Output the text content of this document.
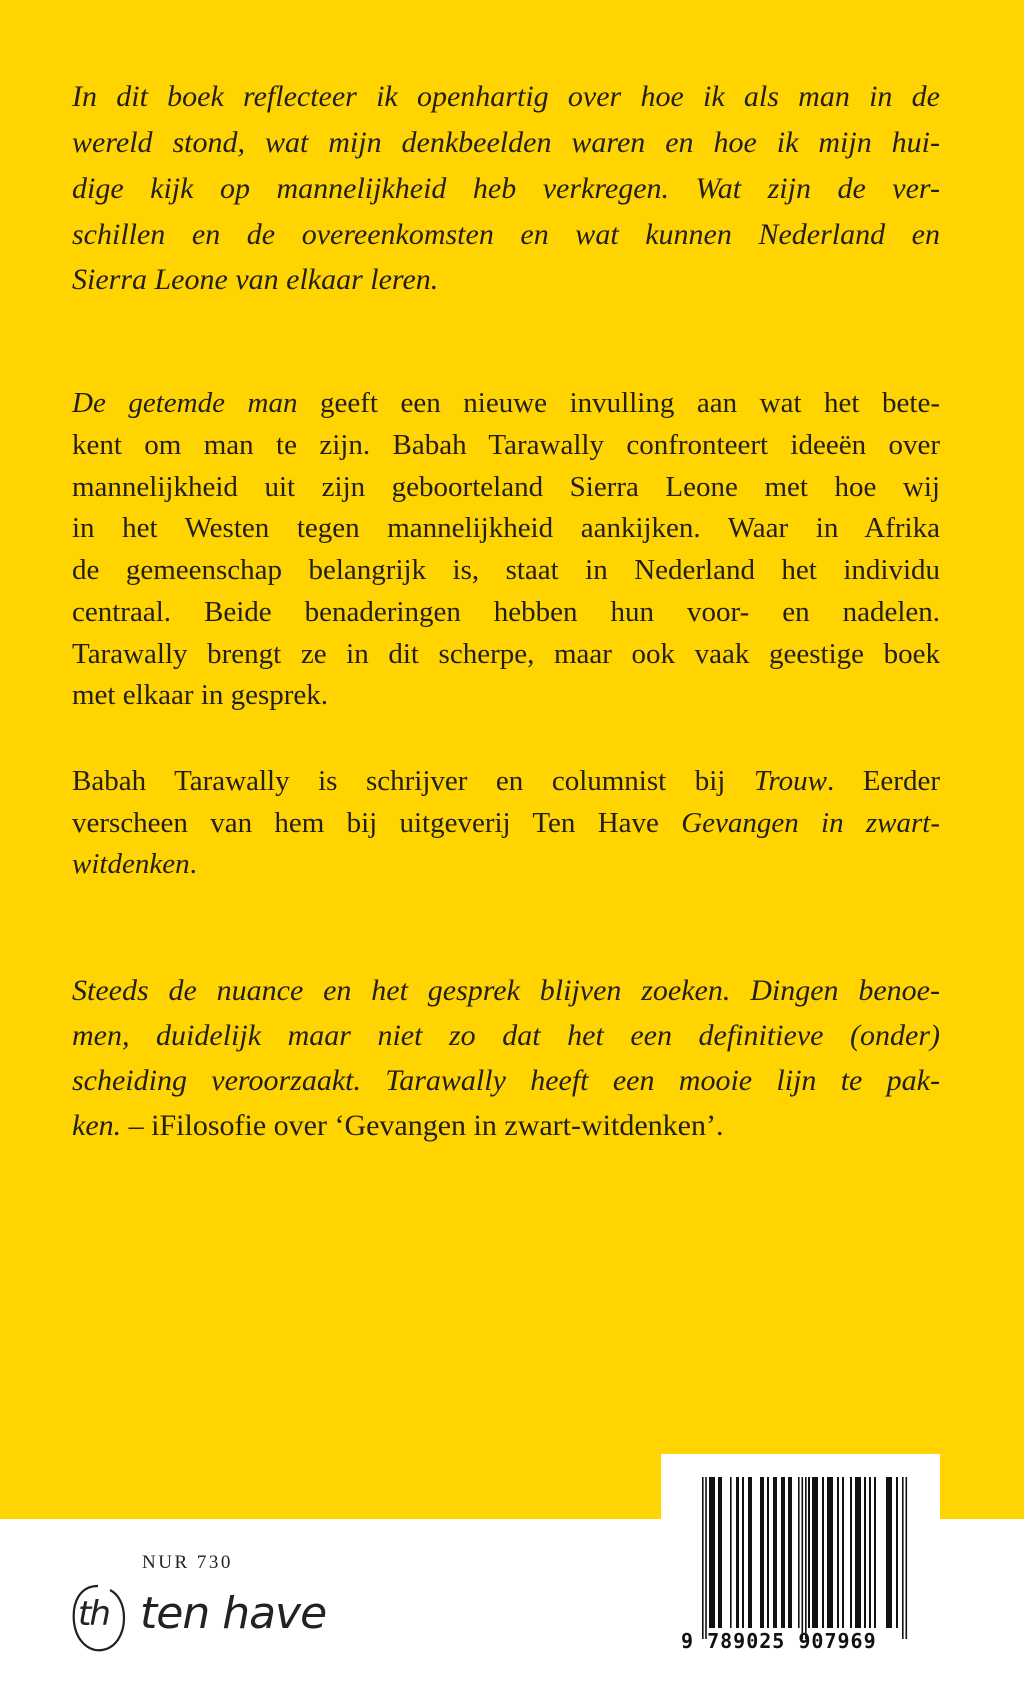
In dit boek reflecteer ik openhartig over hoe ik als man in de
wereld stond, wat mijn denkbeelden waren en hoe ik mijn hui-
dige kijk op mannelijkheid heb verkregen. Wat zijn de ver-
schillen en de overeenkomsten en wat kunnen Nederland en
Sierra Leone van elkaar leren.
De getemde man geeft een nieuwe invulling aan wat het bete-
kent om man te zijn. Babah Tarawally confronteert ideeën over
mannelijkheid uit zijn geboorteland Sierra Leone met hoe wij
in het Westen tegen mannelijkheid aankijken. Waar in Afrika
de gemeenschap belangrijk is, staat in Nederland het individu
centraal. Beide benaderingen hebben hun voor- en nadelen.
Tarawally brengt ze in dit scherpe, maar ook vaak geestige boek
met elkaar in gesprek.
Babah Tarawally is schrijver en columnist bij Trouw. Eerder
verscheen van hem bij uitgeverij Ten Have Gevangen in zwart-
witdenken.
Steeds de nuance en het gesprek blijven zoeken. Dingen benoe-
men, duidelijk maar niet zo dat het een definitieve (onder)
scheiding veroorzaakt. Tarawally heeft een mooie lijn te pak-
ken. – iFilosofie over ‘Gevangen in zwart-witdenken’.
9 789025 907969
NUR 730
th ten have
